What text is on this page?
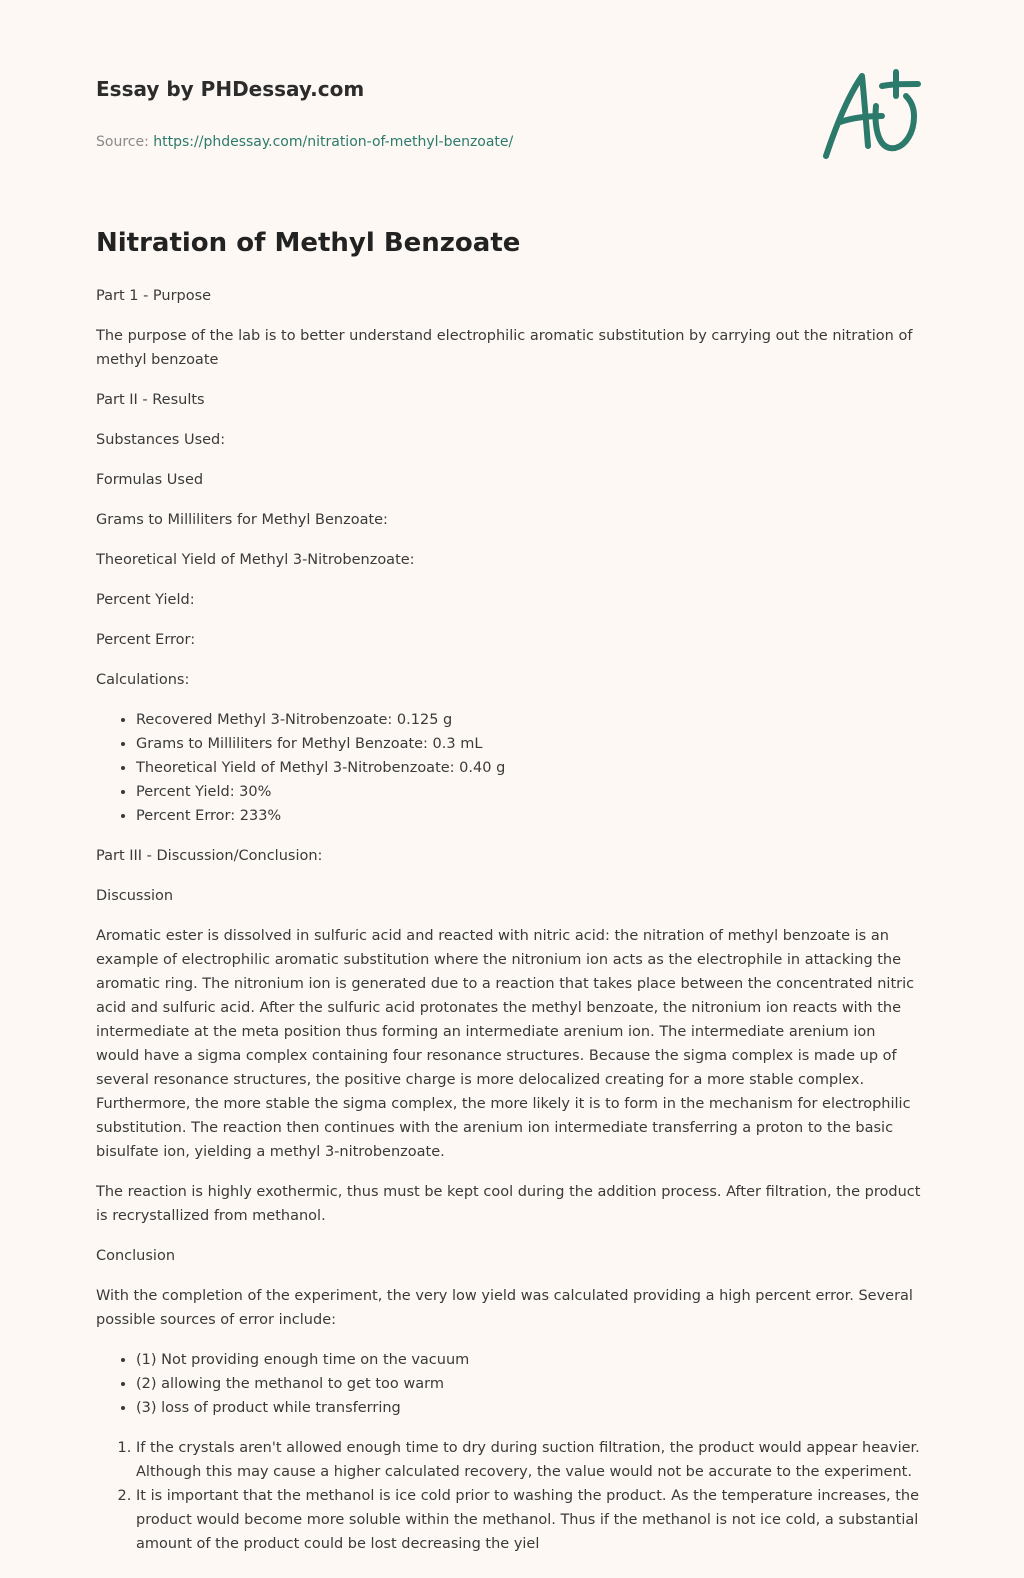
Essay by PHDessay.com
Source: https://phdessay.com/nitration-of-methyl-benzoate/
Nitration of Methyl Benzoate

Part 1 - Purpose

The purpose of the lab is to better understand electrophilic aromatic substitution by carrying out the nitration of methyl benzoate

Part II - Results

Substances Used:

Formulas Used

Grams to Milliliters for Methyl Benzoate:

Theoretical Yield of Methyl 3-Nitrobenzoate:

Percent Yield:

Percent Error:

Calculations:

• Recovered Methyl 3-Nitrobenzoate: 0.125 g
• Grams to Milliliters for Methyl Benzoate: 0.3 mL
• Theoretical Yield of Methyl 3-Nitrobenzoate: 0.40 g
• Percent Yield: 30%
• Percent Error: 233%

Part III - Discussion/Conclusion:

Discussion

Aromatic ester is dissolved in sulfuric acid and reacted with nitric acid: the nitration of methyl benzoate is an example of electrophilic aromatic substitution where the nitronium ion acts as the electrophile in attacking the aromatic ring. The nitronium ion is generated due to a reaction that takes place between the concentrated nitric acid and sulfuric acid. After the sulfuric acid protonates the methyl benzoate, the nitronium ion reacts with the intermediate at the meta position thus forming an intermediate arenium ion. The intermediate arenium ion would have a sigma complex containing four resonance structures. Because the sigma complex is made up of several resonance structures, the positive charge is more delocalized creating for a more stable complex. Furthermore, the more stable the sigma complex, the more likely it is to form in the mechanism for electrophilic substitution. The reaction then continues with the arenium ion intermediate transferring a proton to the basic bisulfate ion, yielding a methyl 3-nitrobenzoate.

The reaction is highly exothermic, thus must be kept cool during the addition process. After filtration, the product is recrystallized from methanol.

Conclusion

With the completion of the experiment, the very low yield was calculated providing a high percent error. Several possible sources of error include:

• (1) Not providing enough time on the vacuum
• (2) allowing the methanol to get too warm
• (3) loss of product while transferring
1. If the crystals aren't allowed enough time to dry during suction filtration, the product would appear heavier. Although this may cause a higher calculated recovery, the value would not be accurate to the experiment.
2. It is important that the methanol is ice cold prior to washing the product. As the temperature increases, the product would become more soluble within the methanol. Thus if the methanol is not ice cold, a substantial amount of the product could be lost decreasing the yiel
